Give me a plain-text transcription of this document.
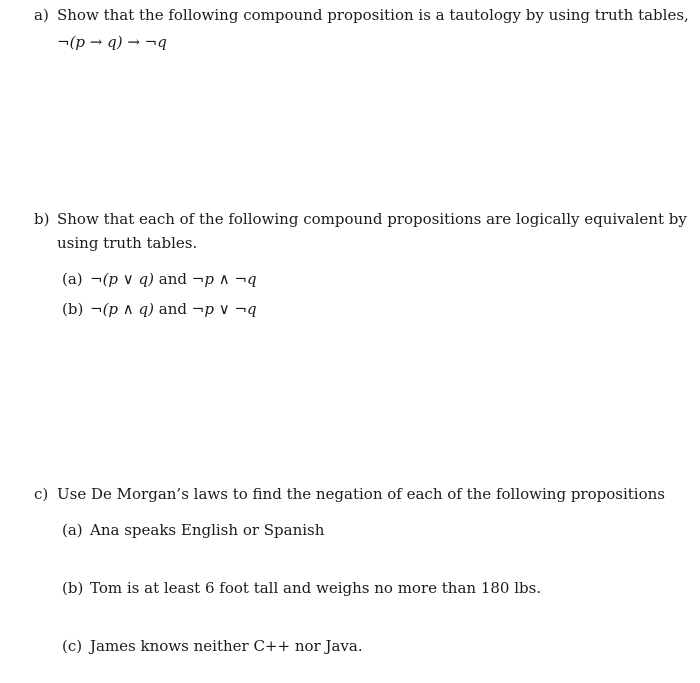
a) Show that the following compound proposition is a tautology by using truth tables,
¬(p → q) → ¬q
b) Show that each of the following compound propositions are logically equivalent by
using truth tables.
(a) ¬(p ∨ q) and ¬p ∧ ¬q
(b) ¬(p ∧ q) and ¬p ∨ ¬q
c) Use De Morgan’s laws to find the negation of each of the following propositions
(a) Ana speaks English or Spanish
(b) Tom is at least 6 foot tall and weighs no more than 180 lbs.
(c) James knows neither C++ nor Java.
